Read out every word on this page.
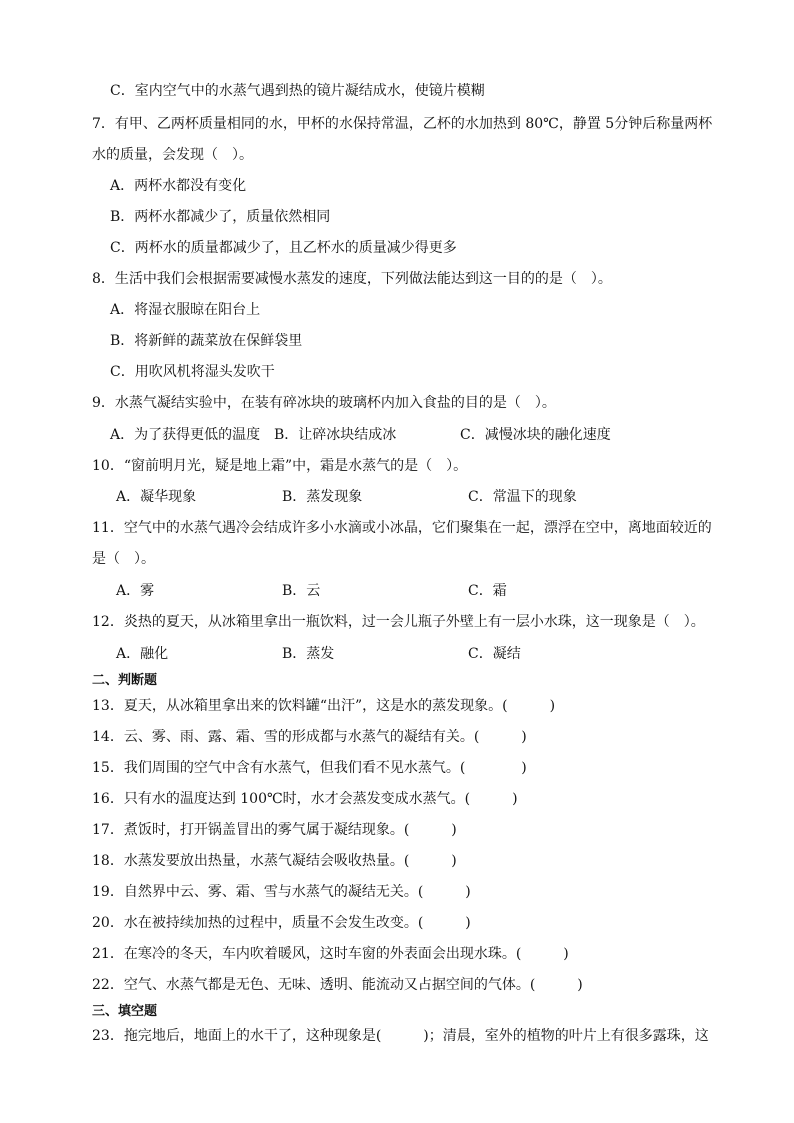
C．室内空气中的水蒸气遇到热的镜片凝结成水，使镜片模糊
7．有甲、乙两杯质量相同的水，甲杯的水保持常温，乙杯的水加热到 80℃，静置 5分钟后称量两杯
水的质量，会发现（　）。
A．两杯水都没有变化
B．两杯水都减少了，质量依然相同
C．两杯水的质量都减少了，且乙杯水的质量减少得更多
8．生活中我们会根据需要减慢水蒸发的速度，下列做法能达到这一目的的是（　）。
A．将湿衣服晾在阳台上
B．将新鲜的蔬菜放在保鲜袋里
C．用吹风机将湿头发吹干
9．水蒸气凝结实验中，在装有碎冰块的玻璃杯内加入食盐的目的是（　）。
A．为了获得更低的温度 B．让碎冰块结成冰	C．减慢冰块的融化速度
10．“窗前明月光，疑是地上霜”中，霜是水蒸气的是（　）。
A．凝华现象	B．蒸发现象	C．常温下的现象
11．空气中的水蒸气遇冷会结成许多小水滴或小冰晶，它们聚集在一起，漂浮在空中，离地面较近的
是（　）。
A．雾	B．云	C．霜
12．炎热的夏天，从冰箱里拿出一瓶饮料，过一会儿瓶子外壁上有一层小水珠，这一现象是（　）。
A．融化	B．蒸发	C．凝结
二、判断题
13．夏天，从冰箱里拿出来的饮料罐“出汗”，这是水的蒸发现象。(　　　)
14．云、雾、雨、露、霜、雪的形成都与水蒸气的凝结有关。(　　　)
15．我们周围的空气中含有水蒸气，但我们看不见水蒸气。(　　　　)
16．只有水的温度达到 100℃时，水才会蒸发变成水蒸气。(　　　)
17．煮饭时，打开锅盖冒出的雾气属于凝结现象。(　　　)
18．水蒸发要放出热量，水蒸气凝结会吸收热量。(　　　)
19．自然界中云、雾、霜、雪与水蒸气的凝结无关。(　　　)
20．水在被持续加热的过程中，质量不会发生改变。(　　　)
21．在寒冷的冬天，车内吹着暖风，这时车窗的外表面会出现水珠。(　　　)
22．空气、水蒸气都是无色、无味、透明、能流动又占据空间的气体。(　　　)
三、填空题
23．拖完地后，地面上的水干了，这种现象是(　　　)；清晨，室外的植物的叶片上有很多露珠，这
